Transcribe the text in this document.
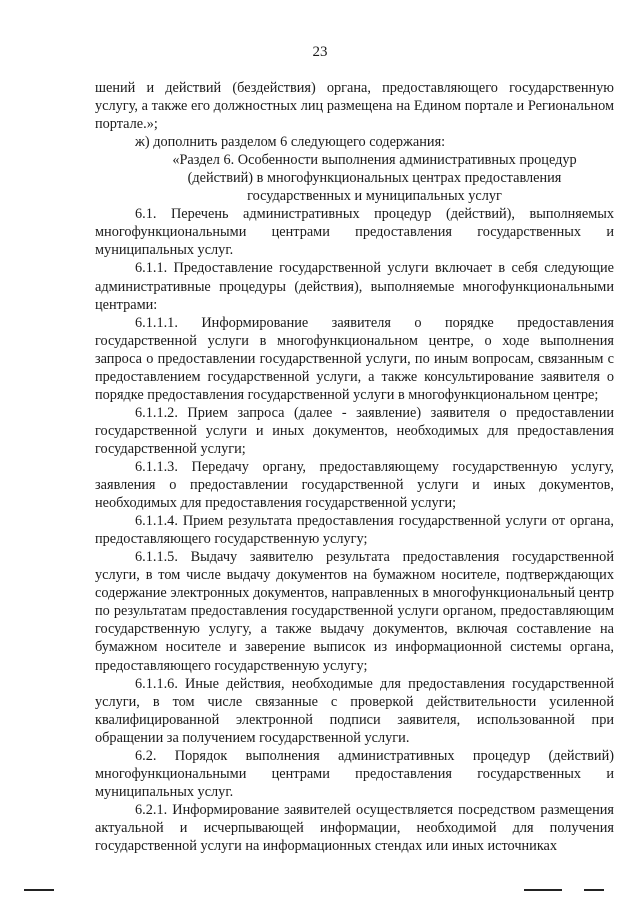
23

шений и действий (бездействия) органа, предоставляющего государственную услугу, а также его должностных лиц размещена на Едином портале и Региональном портале.»;

ж) дополнить разделом 6 следующего содержания:

«Раздел 6. Особенности выполнения административных процедур
(действий) в многофункциональных центрах предоставления
государственных и муниципальных услуг

6.1. Перечень административных процедур (действий), выполняемых многофункциональными центрами предоставления государственных и муниципальных услуг.

6.1.1. Предоставление государственной услуги включает в себя следующие административные процедуры (действия), выполняемые многофункциональными центрами:

6.1.1.1. Информирование заявителя о порядке предоставления государственной услуги в многофункциональном центре, о ходе выполнения запроса о предоставлении государственной услуги, по иным вопросам, связанным с предоставлением государственной услуги, а также консультирование заявителя о порядке предоставления государственной услуги в многофункциональном центре;

6.1.1.2. Прием запроса (далее - заявление) заявителя о предоставлении государственной услуги и иных документов, необходимых для предоставления государственной услуги;

6.1.1.3. Передачу органу, предоставляющему государственную услугу, заявления о предоставлении государственной услуги и иных документов, необходимых для предоставления государственной услуги;

6.1.1.4. Прием результата предоставления государственной услуги от органа, предоставляющего государственную услугу;

6.1.1.5. Выдачу заявителю результата предоставления государственной услуги, в том числе выдачу документов на бумажном носителе, подтверждающих содержание электронных документов, направленных в многофункциональный центр по результатам предоставления государственной услуги органом, предоставляющим государственную услугу, а также выдачу документов, включая составление на бумажном носителе и заверение выписок из информационной системы органа, предоставляющего государственную услугу;

6.1.1.6. Иные действия, необходимые для предоставления государственной услуги, в том числе связанные с проверкой действительности усиленной квалифицированной электронной подписи заявителя, использованной при обращении за получением государственной услуги.

6.2. Порядок выполнения административных процедур (действий) многофункциональными центрами предоставления государственных и муниципальных услуг.

6.2.1. Информирование заявителей осуществляется посредством размещения актуальной и исчерпывающей информации, необходимой для получения государственной услуги на информационных стендах или иных источниках
